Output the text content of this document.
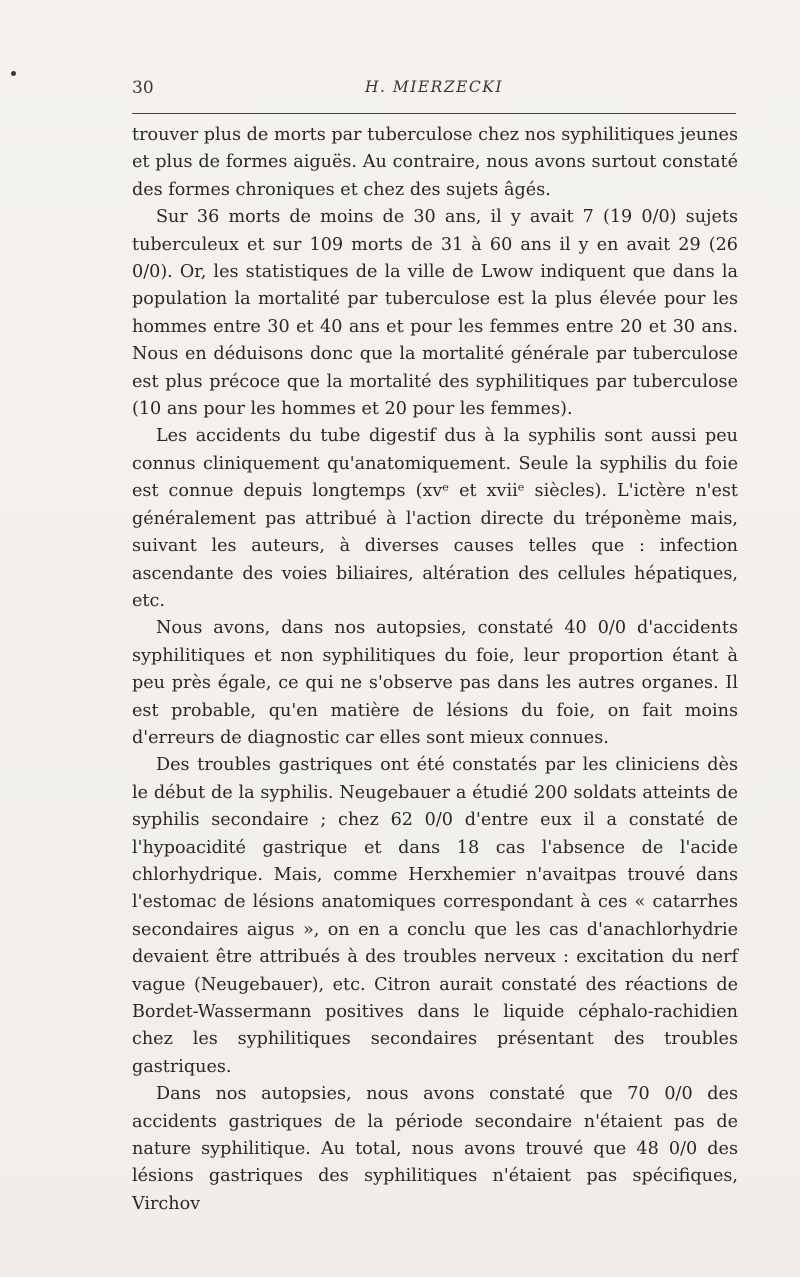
30	H. MIERZECKI

trouver plus de morts par tuberculose chez nos syphilitiques jeunes et plus de formes aiguës. Au contraire, nous avons surtout constaté des formes chroniques et chez des sujets âgés.

Sur 36 morts de moins de 30 ans, il y avait 7 (19 0/0) sujets tuberculeux et sur 109 morts de 31 à 60 ans il y en avait 29 (26 0/0). Or, les statistiques de la ville de Lwow indiquent que dans la population la mortalité par tuberculose est la plus élevée pour les hommes entre 30 et 40 ans et pour les femmes entre 20 et 30 ans. Nous en déduisons donc que la mortalité générale par tuberculose est plus précoce que la mortalité des syphilitiques par tuberculose (10 ans pour les hommes et 20 pour les femmes).

Les accidents du tube digestif dus à la syphilis sont aussi peu connus cliniquement qu'anatomiquement. Seule la syphilis du foie est connue depuis longtemps (xvᵉ et xviiᵉ siècles). L'ictère n'est généralement pas attribué à l'action directe du tréponème mais, suivant les auteurs, à diverses causes telles que : infection ascendante des voies biliaires, altération des cellules hépatiques, etc.

Nous avons, dans nos autopsies, constaté 40 0/0 d'accidents syphilitiques et non syphilitiques du foie, leur proportion étant à peu près égale, ce qui ne s'observe pas dans les autres organes. Il est probable, qu'en matière de lésions du foie, on fait moins d'erreurs de diagnostic car elles sont mieux connues.

Des troubles gastriques ont été constatés par les cliniciens dès le début de la syphilis. Neugebauer a étudié 200 soldats atteints de syphilis secondaire ; chez 62 0/0 d'entre eux il a constaté de l'hypoacidité gastrique et dans 18 cas l'absence de l'acide chlorhydrique. Mais, comme Herxhemier n'avaitpas trouvé dans l'estomac de lésions anatomiques correspondant à ces « catarrhes secondaires aigus », on en a conclu que les cas d'anachlorhydrie devaient être attribués à des troubles nerveux : excitation du nerf vague (Neugebauer), etc. Citron aurait constaté des réactions de Bordet-Wassermann positives dans le liquide céphalo-rachidien chez les syphilitiques secondaires présentant des troubles gastriques.

Dans nos autopsies, nous avons constaté que 70 0/0 des accidents gastriques de la période secondaire n'étaient pas de nature syphilitique. Au total, nous avons trouvé que 48 0/0 des lésions gastriques des syphilitiques n'étaient pas spécifiques, Virchov
